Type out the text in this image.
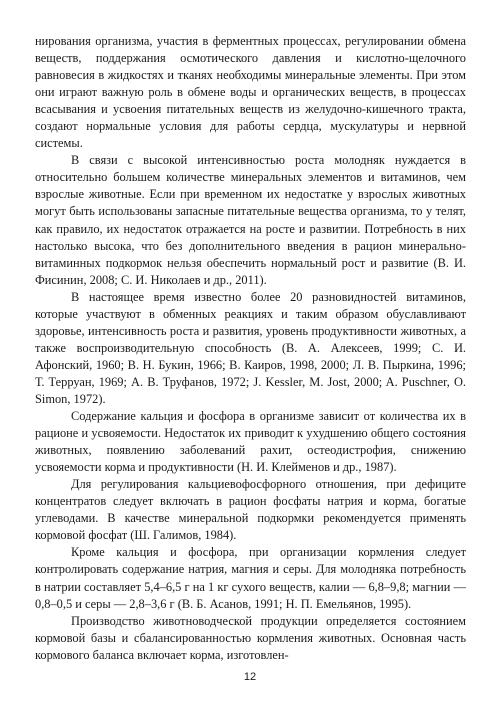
нирования организма, участия в ферментных процессах, регулировании обмена веществ, поддержания осмотического давления и кислотно-щелочного равновесия в жидкостях и тканях необходимы минеральные элементы. При этом они играют важную роль в обмене воды и органических веществ, в процессах всасывания и усвоения питательных веществ из желудочно-кишечного тракта, создают нормальные условия для работы сердца, мускулатуры и нервной системы.

В связи с высокой интенсивностью роста молодняк нуждается в относительно большем количестве минеральных элементов и витаминов, чем взрослые животные. Если при временном их недостатке у взрослых животных могут быть использованы запасные питательные вещества организма, то у телят, как правило, их недостаток отражается на росте и развитии. Потребность в них настолько высока, что без дополнительного введения в рацион минерально-витаминных подкормок нельзя обеспечить нормальный рост и развитие (В. И. Фисинин, 2008; С. И. Николаев и др., 2011).

В настоящее время известно более 20 разновидностей витаминов, которые участвуют в обменных реакциях и таким образом обуславливают здоровье, интенсивность роста и развития, уровень продуктивности животных, а также воспроизводительную способность (В. А. Алексеев, 1999; С. И. Афонский, 1960; В. Н. Букин, 1966; В. Каиров, 1998, 2000; Л. В. Пыркина, 1996; Т. Терруан, 1969; А. В. Труфанов, 1972; J. Kessler, M. Jost, 2000; A. Puschner, O. Simon, 1972).

Содержание кальция и фосфора в организме зависит от количества их в рационе и усвояемости. Недостаток их приводит к ухудшению общего состояния животных, появлению заболеваний рахит, остеодистрофия, снижению усвояемости корма и продуктивности (Н. И. Клейменов и др., 1987).

Для регулирования кальциевофосфорного отношения, при дефиците концентратов следует включать в рацион фосфаты натрия и корма, богатые углеводами. В качестве минеральной подкормки рекомендуется применять кормовой фосфат (Ш. Галимов, 1984).

Кроме кальция и фосфора, при организации кормления следует контролировать содержание натрия, магния и серы. Для молодняка потребность в натрии составляет 5,4–6,5 г на 1 кг сухого веществ, калии — 6,8–9,8; магнии — 0,8–0,5 и серы — 2,8–3,6 г (В. Б. Асанов, 1991; Н. П. Емельянов, 1995).

Производство животноводческой продукции определяется состоянием кормовой базы и сбалансированностью кормления животных. Основная часть кормового баланса включает корма, изготовлен-

12
